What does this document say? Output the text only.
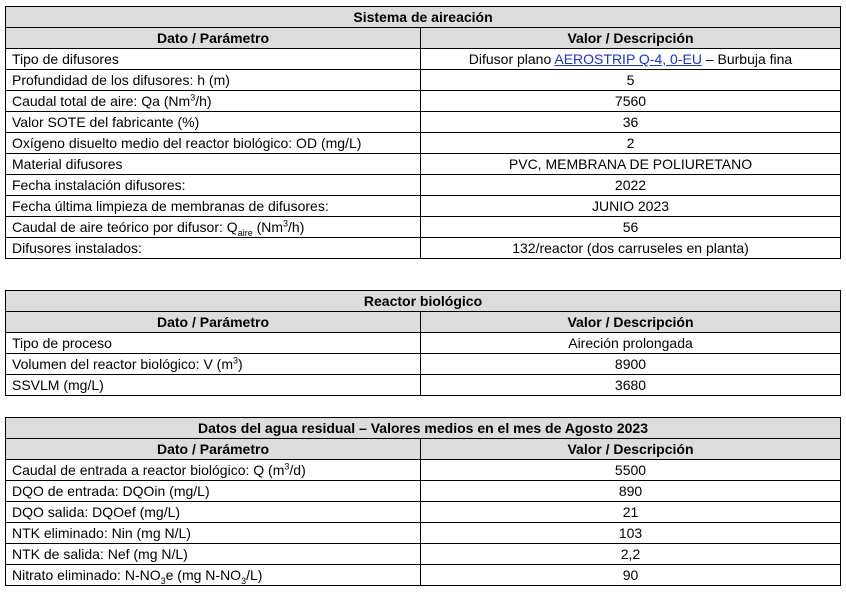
Sistema de aireación	
Dato / Parámetro	Valor / Descripción
Tipo de difusores	Difusor plano AEROSTRIP Q-4, 0-EU – Burbuja fina
Profundidad de los difusores: h (m)	5
Caudal total de aire: Qa (Nm$^3$/h)	7560
Valor SOTE del fabricante (%)	36
Oxígeno disuelto medio del reactor biológico: OD (mg/L)	2
Material difusores	PVC, MEMBRANA DE POLIURETANO
Fecha instalación difusores:	2022
Fecha última limpieza de membranas de difusores:	JUNIO 2023
Caudal de aire teórico por difusor: $Q_{aire}$ (Nm$^3$/h)	56
Difusores instalados:	132/reactor (dos carruseles en planta)
Reactor biológico	
Dato / Parámetro	Valor / Descripción
Tipo de proceso	Aireción prolongada
Volumen del reactor biológico: V $(m^3)$	8900
SSVLM (mg/L)	3680
Datos del agua residual – Valores medios en el mes de Agosto 2023	
Dato / Parámetro	Valor / Descripción
Caudal de entrada a reactor biológico: Q $(m^3/d)$	5500
DQO de entrada: DQOin (mg/L)	890
DQO salida: DQOef (mg/L)	21
NTK eliminado: Nin (mg N/L)	103
NTK de salida: Nef (mg N/L)	2,2
Nitrato eliminado: $N-NO_3e$ (mg $N-NO_3/L$)	90
